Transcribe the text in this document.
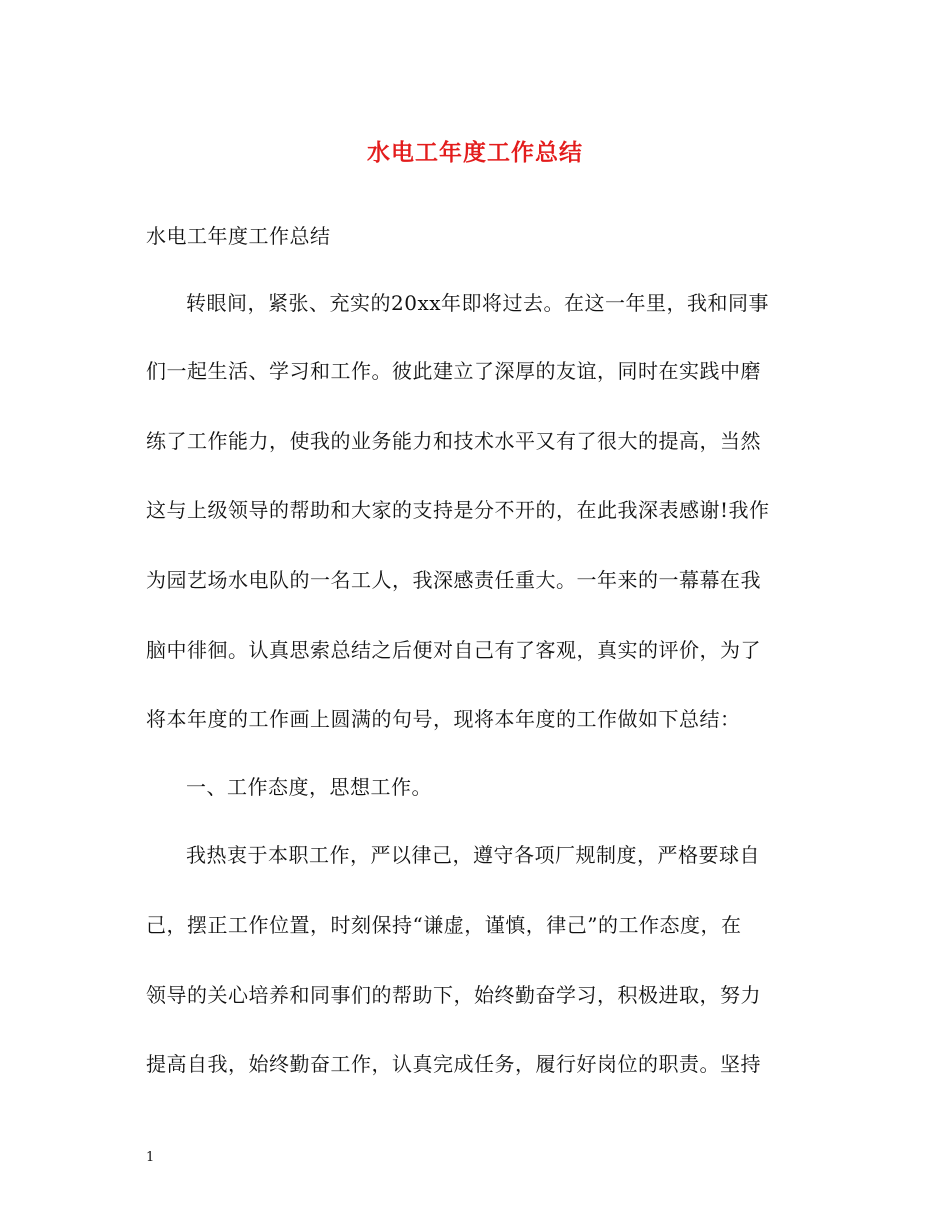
水电工年度工作总结
水电工年度工作总结
转眼间，紧张、充实的20xx年即将过去。在这一年里，我和同事
们一起生活、学习和工作。彼此建立了深厚的友谊，同时在实践中磨
练了工作能力，使我的业务能力和技术水平又有了很大的提高，当然
这与上级领导的帮助和大家的支持是分不开的，在此我深表感谢!我作
为园艺场水电队的一名工人，我深感责任重大。一年来的一幕幕在我
脑中徘徊。认真思索总结之后便对自己有了客观，真实的评价，为了
将本年度的工作画上圆满的句号，现将本年度的工作做如下总结：
一、工作态度，思想工作。
我热衷于本职工作，严以律己，遵守各项厂规制度，严格要球自
己，摆正工作位置，时刻保持“谦虚，谨慎，律己”的工作态度，在
领导的关心培养和同事们的帮助下，始终勤奋学习，积极进取，努力
提高自我，始终勤奋工作，认真完成任务，履行好岗位的职责。坚持
1
